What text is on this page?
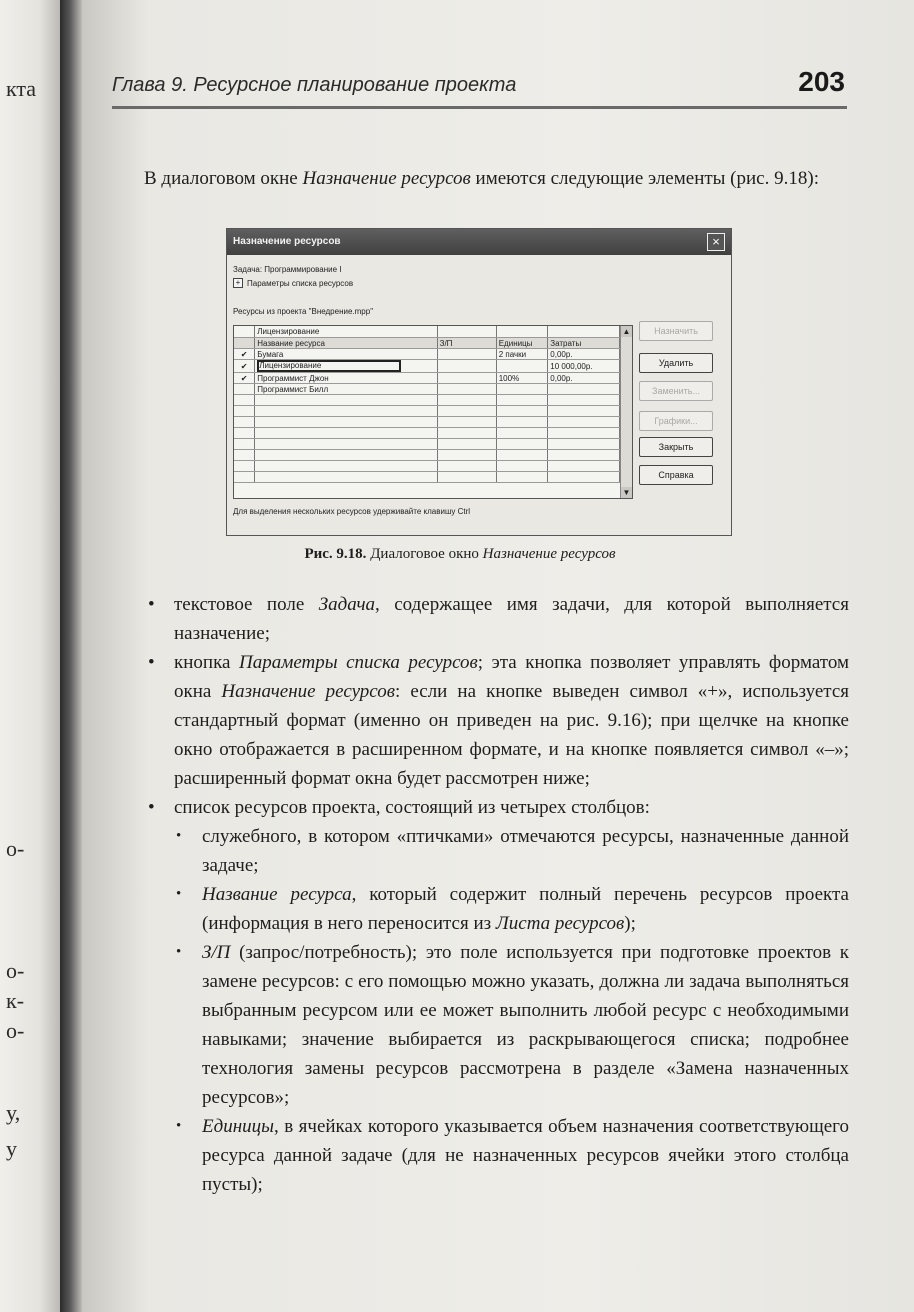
кта
о-
о-
к-
о-
у,
у
Глава 9. Ресурсное планирование проекта	203

В диалоговом окне Назначение ресурсов имеются следующие элементы (рис. 9.18):

Назначение ресурсов	×
Задача: Программирование I
+ Параметры списка ресурсов
Ресурсы из проекта "Внедрение.mpp"
	Лицензирование			
	Название ресурса	З/П	Единицы	Затраты
✔	Бумага		2 пачки	0,00р.
✔	Лицензирование			10 000,00р.
✔	Программист Джон		100%	0,00р.
	Программист Билл			

▲
▼
Назначить
Удалить
Заменить...
Графики...
Закрыть
Справка
Для выделения нескольких ресурсов удерживайте клавишу Ctrl
Рис. 9.18. Диалоговое окно Назначение ресурсов

• текстовое поле Задача, содержащее имя задачи, для которой выполняется назначение;

• кнопка Параметры списка ресурсов; эта кнопка позволяет управлять форматом окна Назначение ресурсов: если на кнопке выведен символ «+», используется стандартный формат (именно он приведен на рис. 9.16); при щелчке на кнопке окно отображается в расширенном формате, и на кнопке появляется символ «–»; расширенный формат окна будет рассмотрен ниже;

• список ресурсов проекта, состоящий из четырех столбцов:

• служебного, в котором «птичками» отмечаются ресурсы, назначенные данной задаче;

• Название ресурса, который содержит полный перечень ресурсов проекта (информация в него переносится из Листа ресурсов);

• З/П (запрос/потребность); это поле используется при подготовке проектов к замене ресурсов: с его помощью можно указать, должна ли задача выполняться выбранным ресурсом или ее может выполнить любой ресурс с необходимыми навыками; значение выбирается из раскрывающегося списка; подробнее технология замены ресурсов рассмотрена в разделе «Замена назначенных ресурсов»;

• Единицы, в ячейках которого указывается объем назначения соответствующего ресурса данной задаче (для не назначенных ресурсов ячейки этого столбца пусты);
